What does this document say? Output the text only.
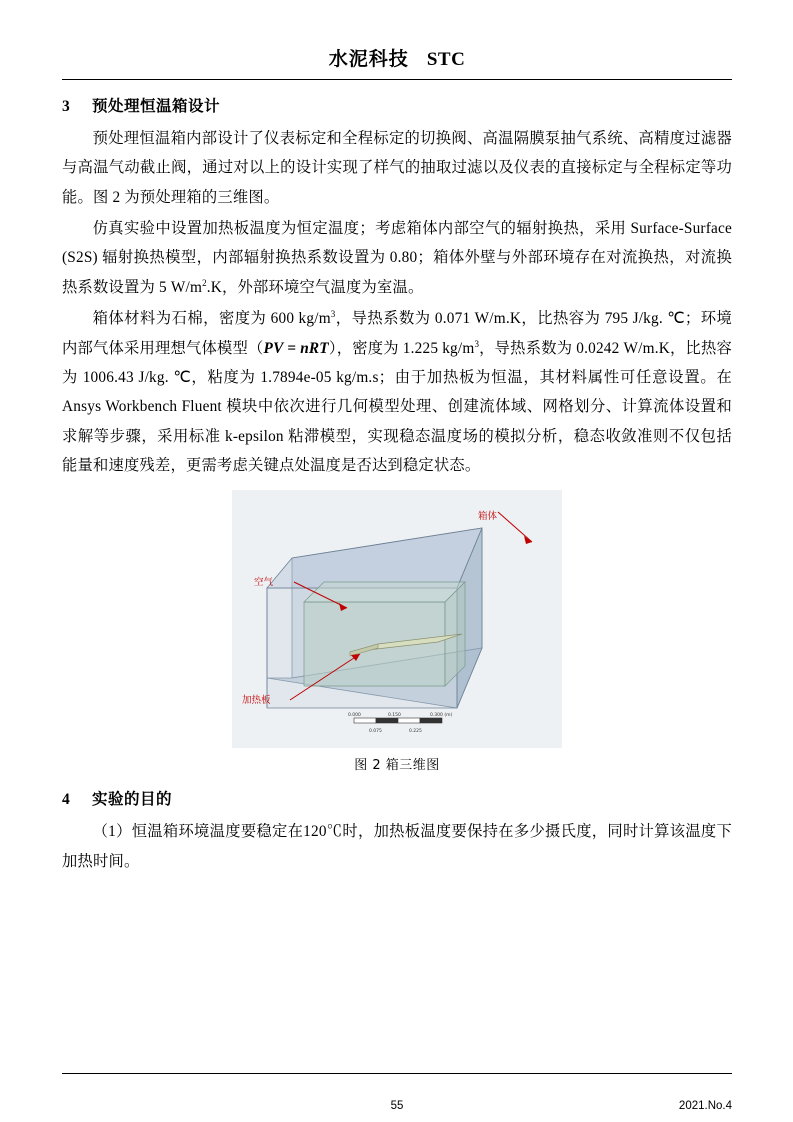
水泥科技 STC
3 预处理恒温箱设计

预处理恒温箱内部设计了仪表标定和全程标定的切换阀、高温隔膜泵抽气系统、高精度过滤器与高温气动截止阀，通过对以上的设计实现了样气的抽取过滤以及仪表的直接标定与全程标定等功能。图 2 为预处理箱的三维图。

仿真实验中设置加热板温度为恒定温度；考虑箱体内部空气的辐射换热，采用 Surface-Surface (S2S) 辐射换热模型，内部辐射换热系数设置为 0.80；箱体外壁与外部环境存在对流换热，对流换热系数设置为 5 $W/m^2.K$，外部环境空气温度为室温。

箱体材料为石棉，密度为 600 $kg/m^3$，导热系数为 0.071 W/m.K，比热容为 795 J/kg. ℃；环境内部气体采用理想气体模型（PV = nRT），密度为 1.225 $kg/m^3$，导热系数为 0.0242 W/m.K，比热容为 1006.43 J/kg. ℃，粘度为 1.7894e-05 kg/m.s；由于加热板为恒温，其材料属性可任意设置。在 Ansys Workbench Fluent 模块中依次进行几何模型处理、创建流体域、网格划分、计算流体设置和求解等步骤，采用标准 k-epsilon 粘滞模型，实现稳态温度场的模拟分析，稳态收敛准则不仅包括能量和速度残差，更需考虑关键点处温度是否达到稳定状态。

0.000	0.150	0.300 (m)
0.075	0.225
箱体
空气
加热板
图 2 箱三维图
4 实验的目的

（1）恒温箱环境温度要稳定在120℃时，加热板温度要保持在多少摄氏度，同时计算该温度下加热时间。

55	2021.No.4
